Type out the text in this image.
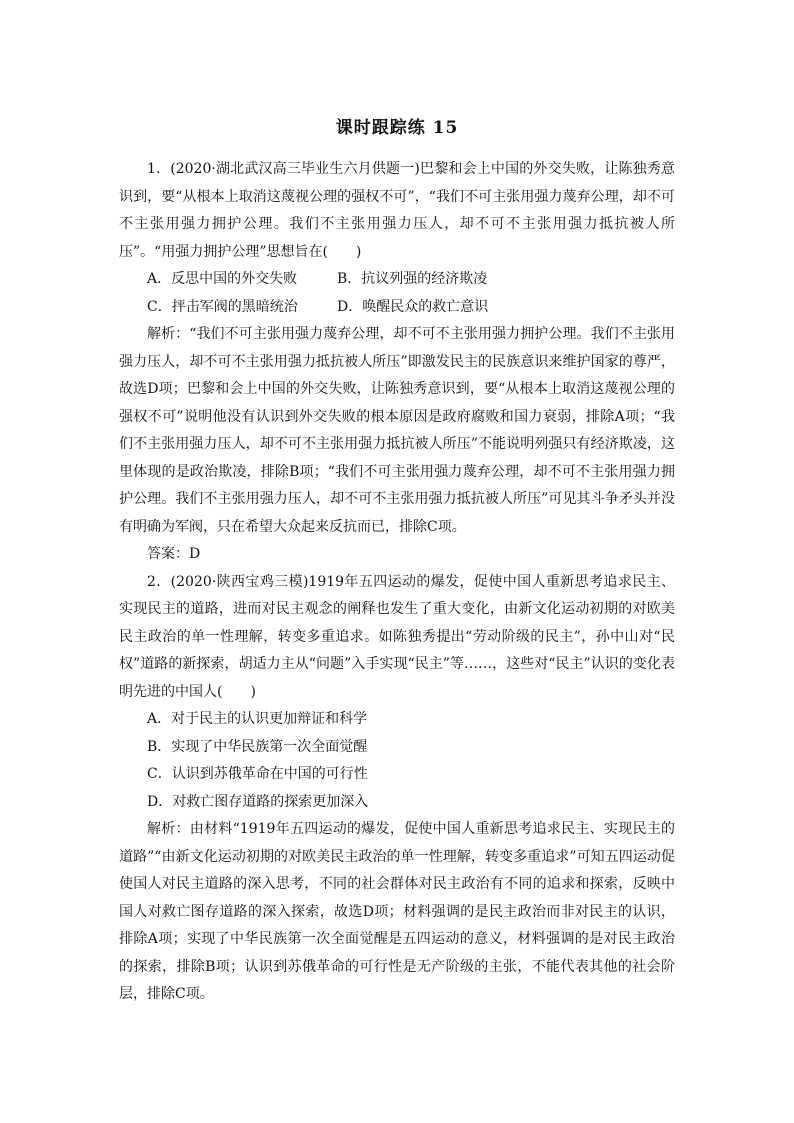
课时跟踪练 15

1．(2020·湖北武汉高三毕业生六月供题一)巴黎和会上中国的外交失败，让陈独秀意识到，要“从根本上取消这蔑视公理的强权不可”，“我们不可主张用强力蔑弃公理，却不可不主张用强力拥护公理。我们不主张用强力压人，却不可不主张用强力抵抗被人所压”。“用强力拥护公理”思想旨在(　　)

A．反思中国的外交失败	B．抗议列强的经济欺凌
C．抨击军阀的黑暗统治	D．唤醒民众的救亡意识

解析：“我们不可主张用强力蔑弃公理，却不可不主张用强力拥护公理。我们不主张用强力压人，却不可不主张用强力抵抗被人所压”即激发民主的民族意识来维护国家的尊严，故选D项；巴黎和会上中国的外交失败，让陈独秀意识到，要“从根本上取消这蔑视公理的强权不可”说明他没有认识到外交失败的根本原因是政府腐败和国力衰弱，排除A项；“我们不主张用强力压人，却不可不主张用强力抵抗被人所压”不能说明列强只有经济欺凌，这里体现的是政治欺凌，排除B项；“我们不可主张用强力蔑弃公理，却不可不主张用强力拥护公理。我们不主张用强力压人，却不可不主张用强力抵抗被人所压”可见其斗争矛头并没有明确为军阀，只在希望大众起来反抗而已，排除C项。

答案：D

2．(2020·陕西宝鸡三模)1919年五四运动的爆发，促使中国人重新思考追求民主、实现民主的道路，进而对民主观念的阐释也发生了重大变化，由新文化运动初期的对欧美民主政治的单一性理解，转变多重追求。如陈独秀提出“劳动阶级的民主”，孙中山对“民权”道路的新探索，胡适力主从“问题”入手实现“民主”等……，这些对“民主”认识的变化表明先进的中国人(　　)

A．对于民主的认识更加辩证和科学
B．实现了中华民族第一次全面觉醒
C．认识到苏俄革命在中国的可行性
D．对救亡图存道路的探索更加深入

解析：由材料“1919年五四运动的爆发，促使中国人重新思考追求民主、实现民主的道路”“由新文化运动初期的对欧美民主政治的单一性理解，转变多重追求”可知五四运动促使国人对民主道路的深入思考，不同的社会群体对民主政治有不同的追求和探索，反映中国人对救亡图存道路的深入探索，故选D项；材料强调的是民主政治而非对民主的认识，排除A项；实现了中华民族第一次全面觉醒是五四运动的意义，材料强调的是对民主政治的探索，排除B项；认识到苏俄革命的可行性是无产阶级的主张，不能代表其他的社会阶层，排除C项。
